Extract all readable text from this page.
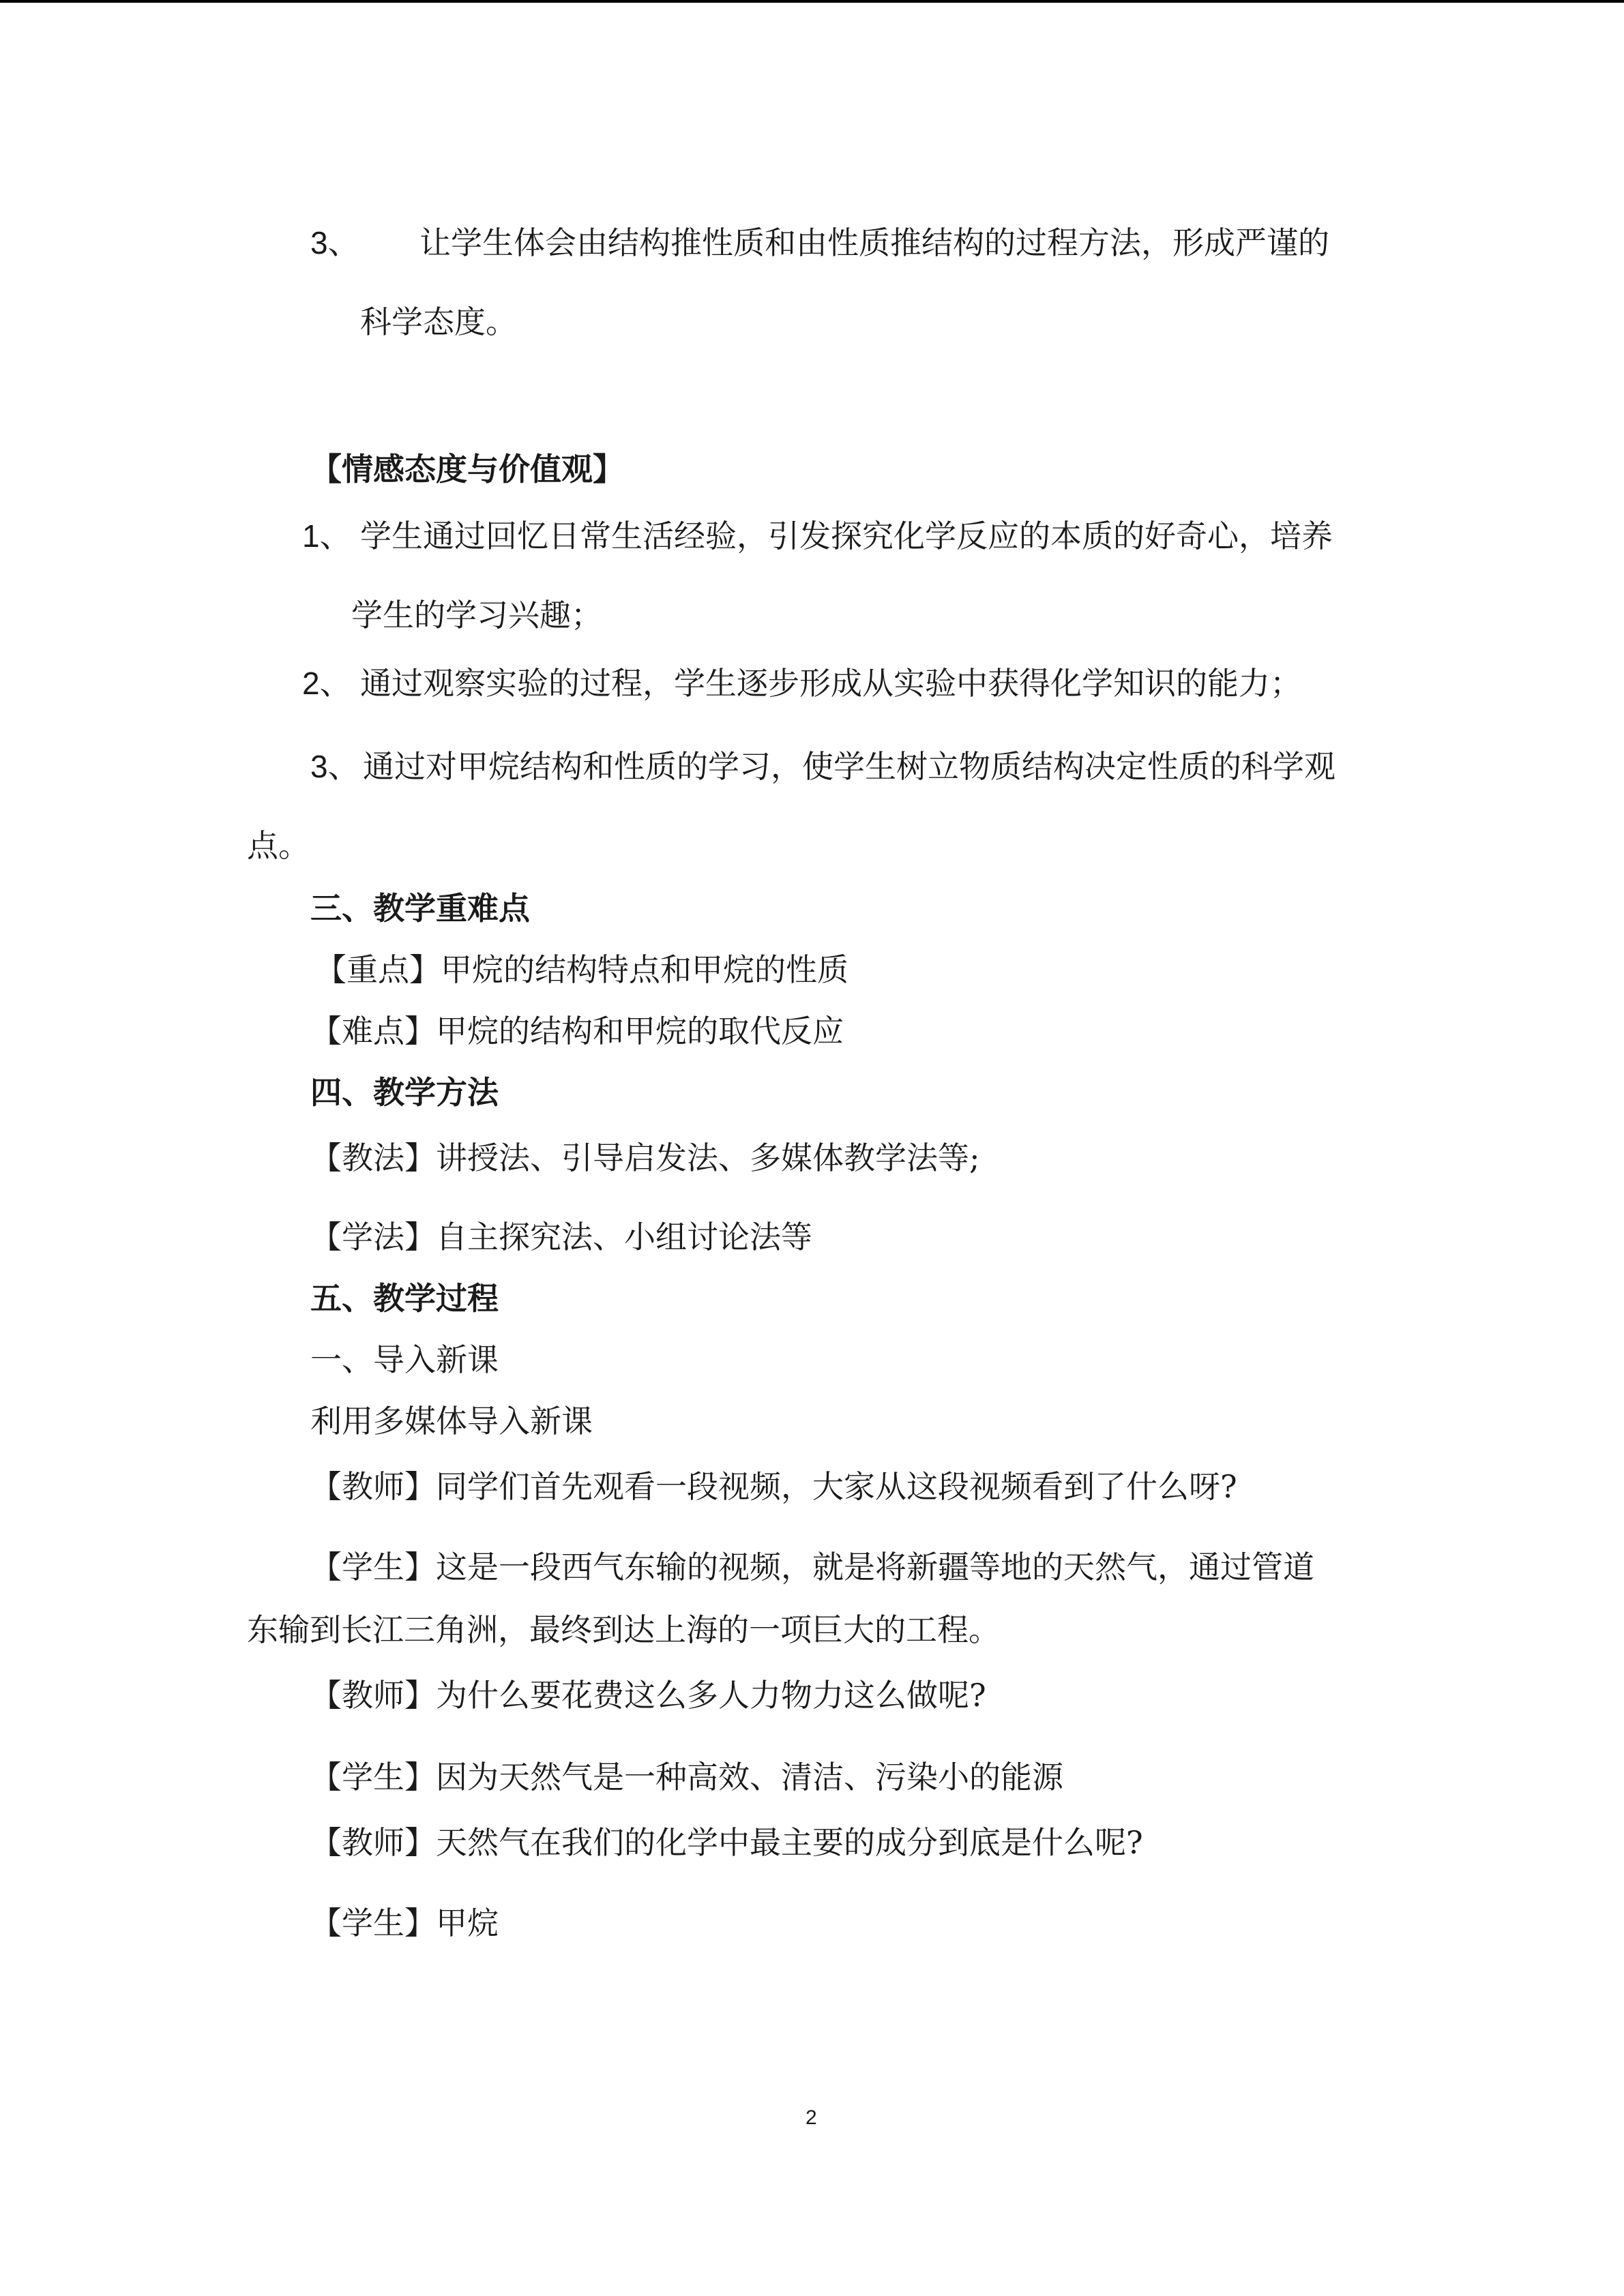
3、 让学生体会由结构推性质和由性质推结构的过程方法，形成严谨的
科学态度。
【情感态度与价值观】
1、 学生通过回忆日常生活经验，引发探究化学反应的本质的好奇心，培养
学生的学习兴趣；
2、 通过观察实验的过程，学生逐步形成从实验中获得化学知识的能力；
3、 通过对甲烷结构和性质的学习，使学生树立物质结构决定性质的科学观
点。
三、教学重难点
【重点】甲烷的结构特点和甲烷的性质
【难点】甲烷的结构和甲烷的取代反应
四、教学方法
【教法】讲授法、引导启发法、多媒体教学法等;
【学法】自主探究法、小组讨论法等
五、教学过程
一、导入新课
利用多媒体导入新课
【教师】同学们首先观看一段视频，大家从这段视频看到了什么呀?
【学生】这是一段西气东输的视频，就是将新疆等地的天然气，通过管道
东输到长江三角洲，最终到达上海的一项巨大的工程。
【教师】为什么要花费这么多人力物力这么做呢?
【学生】因为天然气是一种高效、清洁、污染小的能源
【教师】天然气在我们的化学中最主要的成分到底是什么呢?
【学生】甲烷
2
